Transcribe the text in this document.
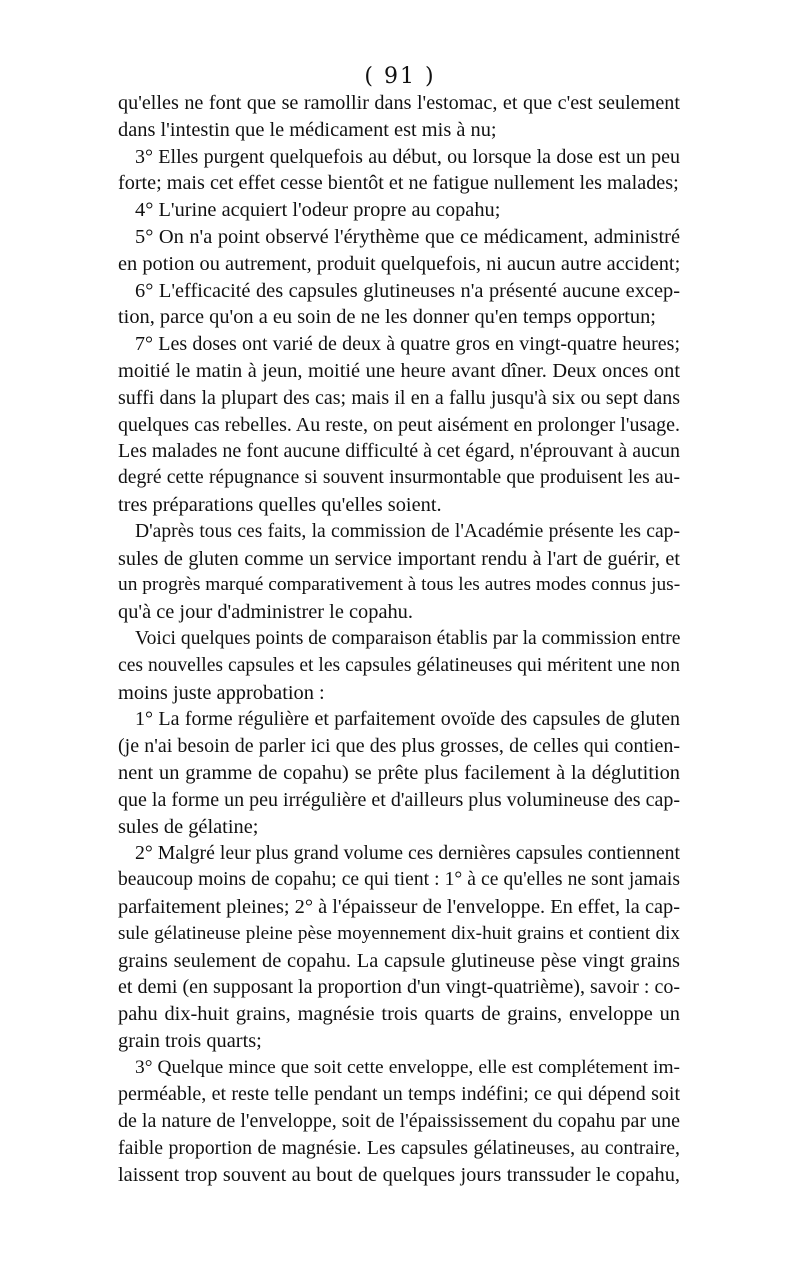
( 91 )
qu'elles ne font que se ramollir dans l'estomac, et que c'est seulement
dans l'intestin que le médicament est mis à nu;
3° Elles purgent quelquefois au début, ou lorsque la dose est un peu
forte; mais cet effet cesse bientôt et ne fatigue nullement les malades;
4° L'urine acquiert l'odeur propre au copahu;
5° On n'a point observé l'érythème que ce médicament, administré
en potion ou autrement, produit quelquefois, ni aucun autre accident;
6° L'efficacité des capsules glutineuses n'a présenté aucune excep-
tion, parce qu'on a eu soin de ne les donner qu'en temps opportun;
7° Les doses ont varié de deux à quatre gros en vingt-quatre heures;
moitié le matin à jeun, moitié une heure avant dîner. Deux onces ont
suffi dans la plupart des cas; mais il en a fallu jusqu'à six ou sept dans
quelques cas rebelles. Au reste, on peut aisément en prolonger l'usage.
Les malades ne font aucune difficulté à cet égard, n'éprouvant à aucun
degré cette répugnance si souvent insurmontable que produisent les au-
tres préparations quelles qu'elles soient.
D'après tous ces faits, la commission de l'Académie présente les cap-
sules de gluten comme un service important rendu à l'art de guérir, et
un progrès marqué comparativement à tous les autres modes connus jus-
qu'à ce jour d'administrer le copahu.
Voici quelques points de comparaison établis par la commission entre
ces nouvelles capsules et les capsules gélatineuses qui méritent une non
moins juste approbation :
1° La forme régulière et parfaitement ovoïde des capsules de gluten
(je n'ai besoin de parler ici que des plus grosses, de celles qui contien-
nent un gramme de copahu) se prête plus facilement à la déglutition
que la forme un peu irrégulière et d'ailleurs plus volumineuse des cap-
sules de gélatine;
2° Malgré leur plus grand volume ces dernières capsules contiennent
beaucoup moins de copahu; ce qui tient : 1° à ce qu'elles ne sont jamais
parfaitement pleines; 2° à l'épaisseur de l'enveloppe. En effet, la cap-
sule gélatineuse pleine pèse moyennement dix-huit grains et contient dix
grains seulement de copahu. La capsule glutineuse pèse vingt grains
et demi (en supposant la proportion d'un vingt-quatrième), savoir : co-
pahu dix-huit grains, magnésie trois quarts de grains, enveloppe un
grain trois quarts;
3° Quelque mince que soit cette enveloppe, elle est complétement im-
perméable, et reste telle pendant un temps indéfini; ce qui dépend soit
de la nature de l'enveloppe, soit de l'épaississement du copahu par une
faible proportion de magnésie. Les capsules gélatineuses, au contraire,
laissent trop souvent au bout de quelques jours transsuder le copahu,
